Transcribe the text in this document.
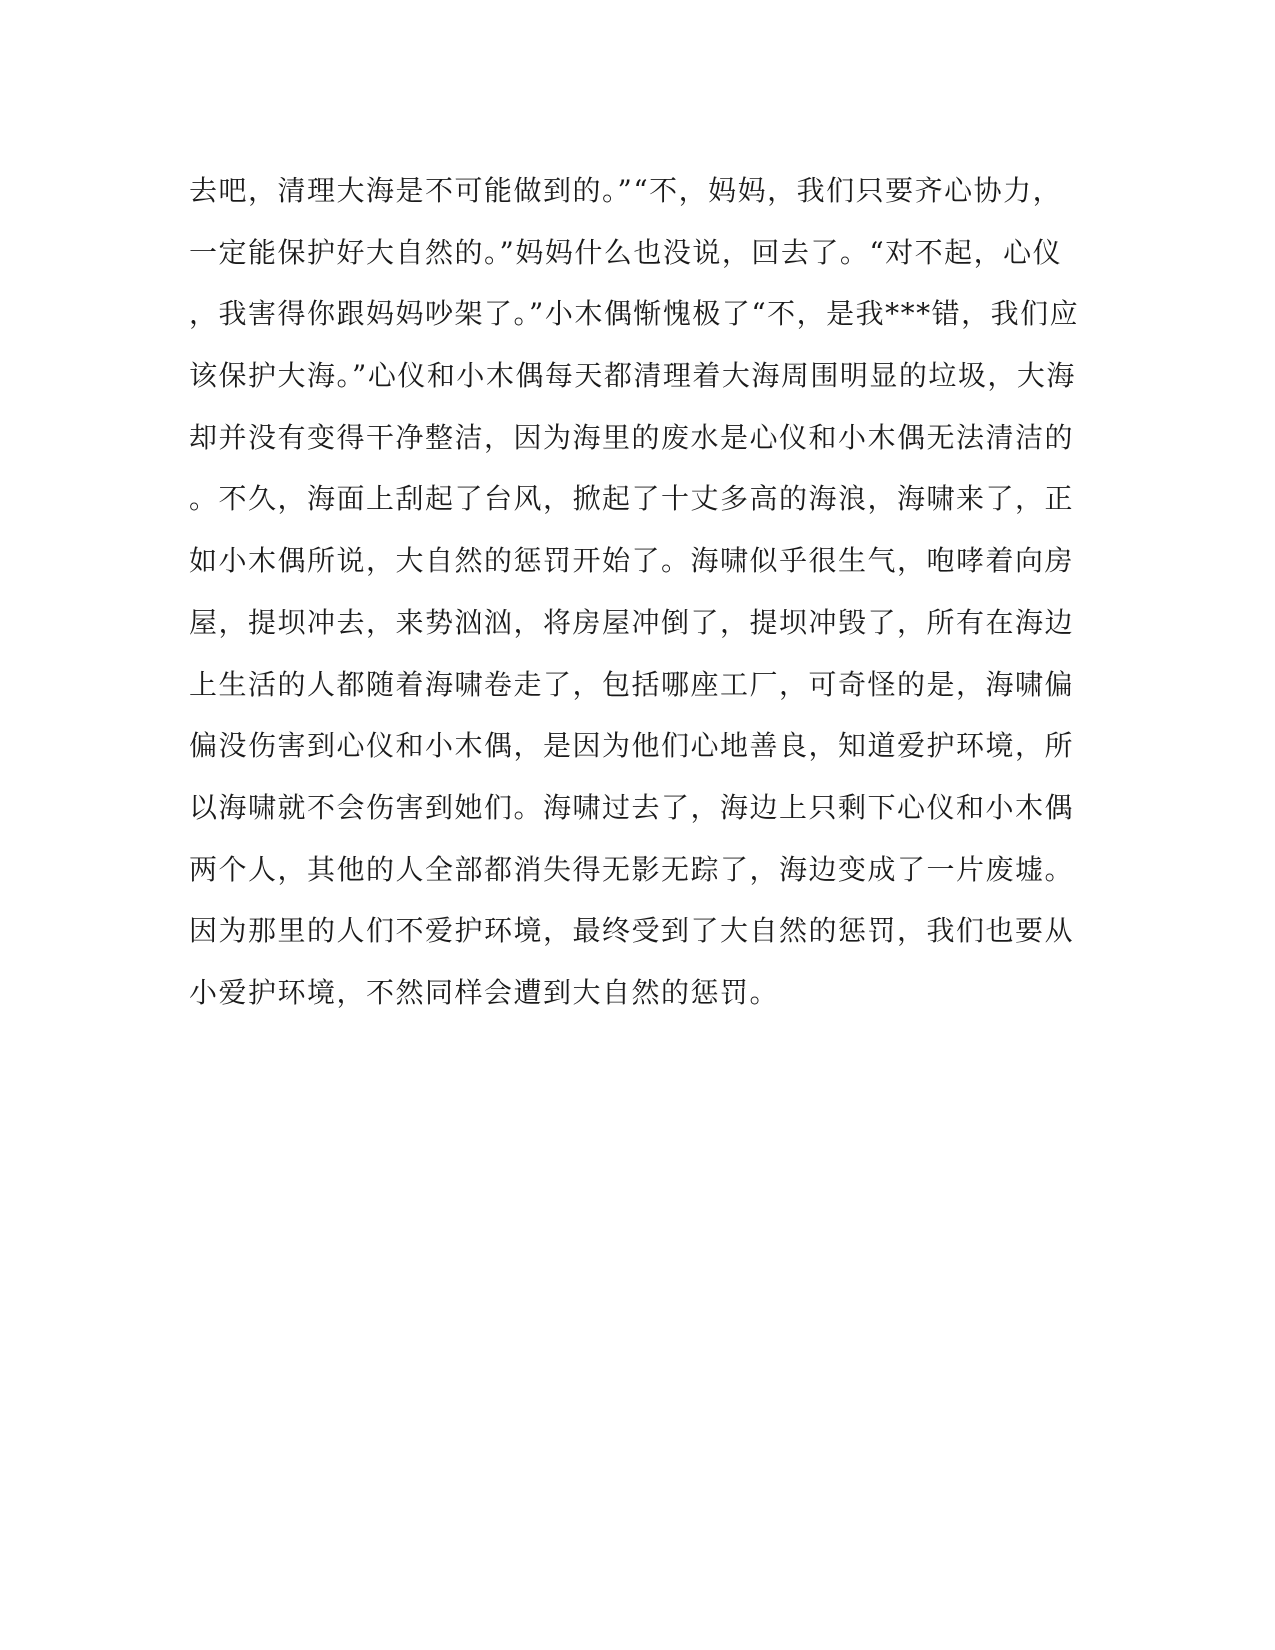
去吧，清理大海是不可能做到的。”“不，妈妈，我们只要齐心协力，
一定能保护好大自然的。”妈妈什么也没说，回去了。“对不起，心仪
，我害得你跟妈妈吵架了。”小木偶惭愧极了“不，是我***错，我们应
该保护大海。”心仪和小木偶每天都清理着大海周围明显的垃圾，大海
却并没有变得干净整洁，因为海里的废水是心仪和小木偶无法清洁的
。不久，海面上刮起了台风，掀起了十丈多高的海浪，海啸来了，正
如小木偶所说，大自然的惩罚开始了。海啸似乎很生气，咆哮着向房
屋，提坝冲去，来势汹汹，将房屋冲倒了，提坝冲毁了，所有在海边
上生活的人都随着海啸卷走了，包括哪座工厂，可奇怪的是，海啸偏
偏没伤害到心仪和小木偶，是因为他们心地善良，知道爱护环境，所
以海啸就不会伤害到她们。海啸过去了，海边上只剩下心仪和小木偶
两个人，其他的人全部都消失得无影无踪了，海边变成了一片废墟。
因为那里的人们不爱护环境，最终受到了大自然的惩罚，我们也要从
小爱护环境，不然同样会遭到大自然的惩罚。
